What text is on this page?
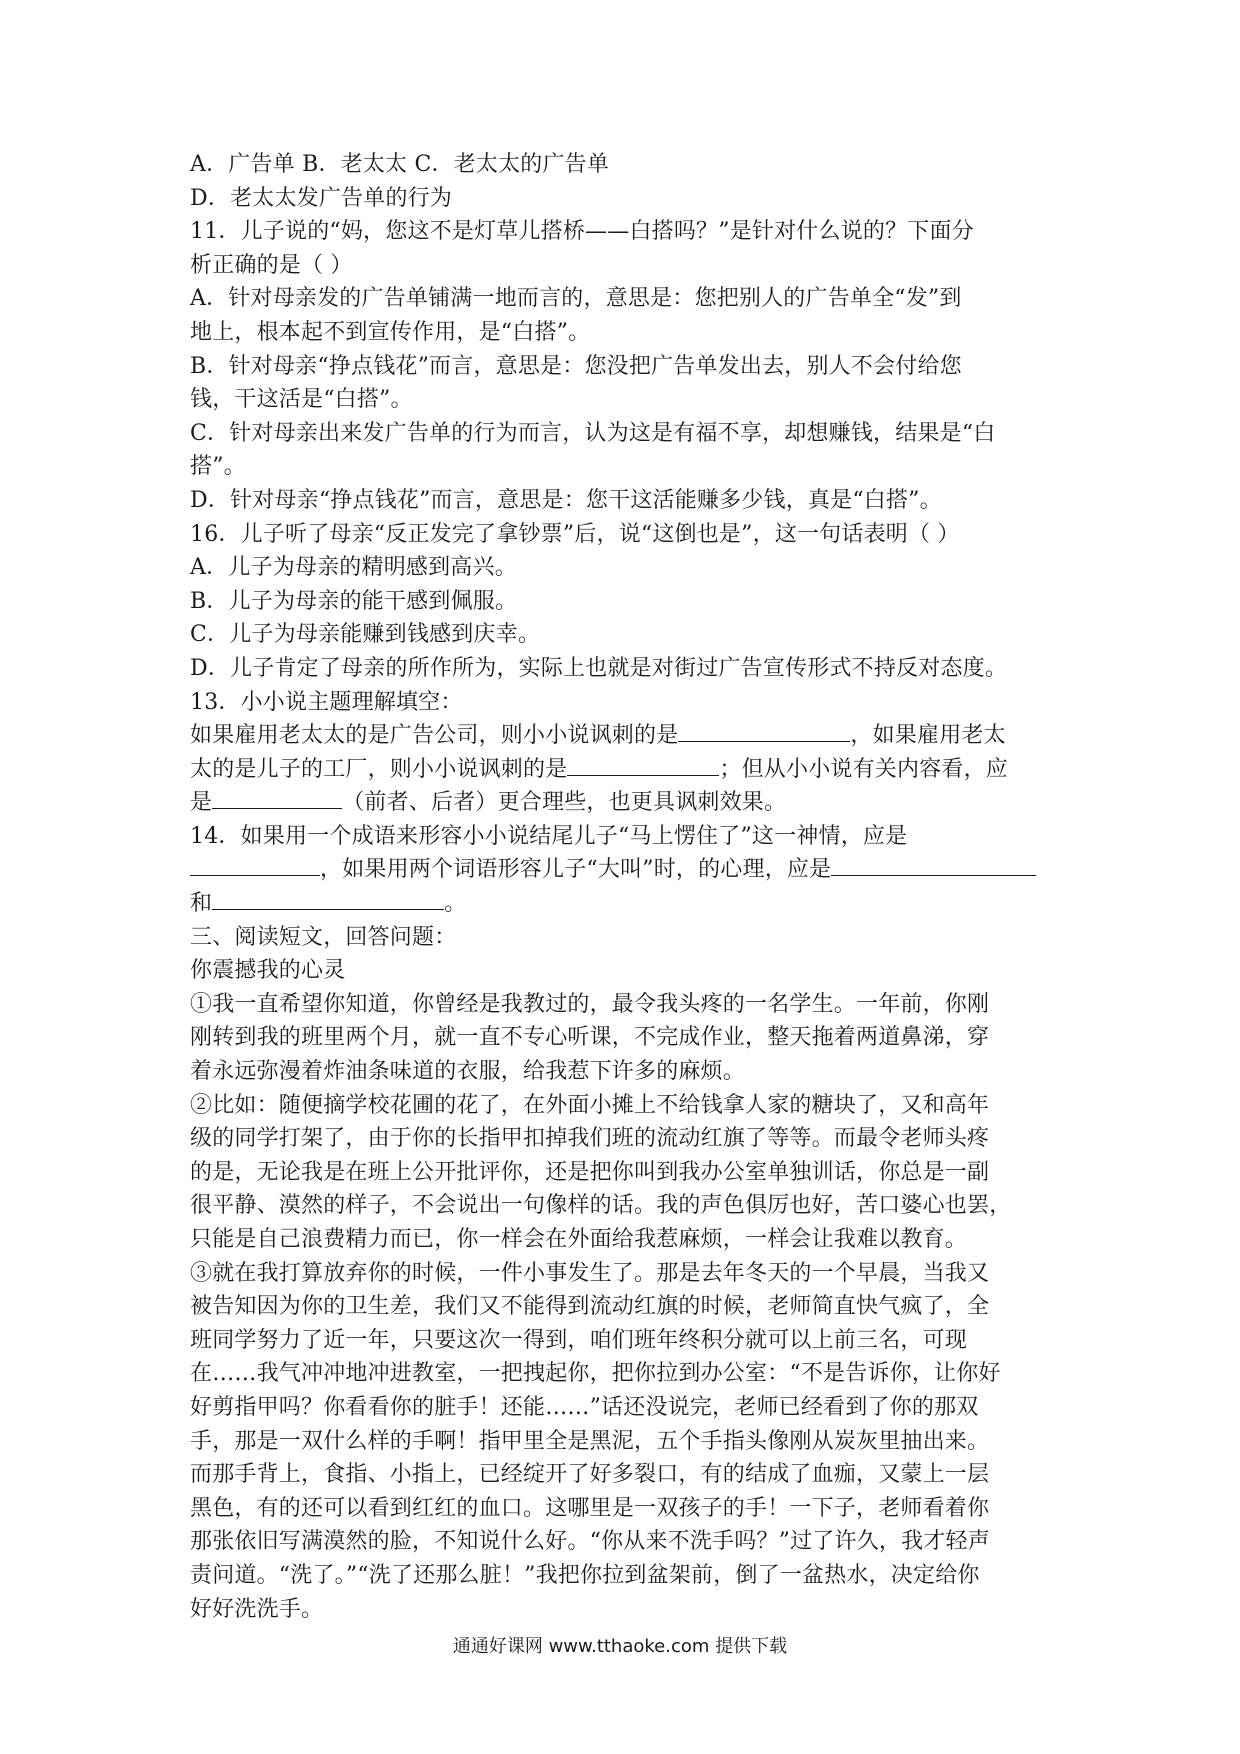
A．广告单 B．老太太 C．老太太的广告单
D．老太太发广告单的行为
11．儿子说的“妈，您这不是灯草儿搭桥——白搭吗？”是针对什么说的？下面分
析正确的是（ ）
A．针对母亲发的广告单铺满一地而言的，意思是：您把别人的广告单全“发”到
地上，根本起不到宣传作用，是“白搭”。
B．针对母亲“挣点钱花”而言，意思是：您没把广告单发出去，别人不会付给您
钱，干这活是“白搭”。
C．针对母亲出来发广告单的行为而言，认为这是有福不享，却想赚钱，结果是“白
搭”。
D．针对母亲“挣点钱花”而言，意思是：您干这活能赚多少钱，真是“白搭”。
16．儿子听了母亲“反正发完了拿钞票”后，说“这倒也是”，这一句话表明（ ）
A．儿子为母亲的精明感到高兴。
B．儿子为母亲的能干感到佩服。
C．儿子为母亲能赚到钱感到庆幸。
D．儿子肯定了母亲的所作所为，实际上也就是对街过广告宣传形式不持反对态度。
13．小小说主题理解填空：
如果雇用老太太的是广告公司，则小小说讽刺的是	，如果雇用老太
太的是儿子的工厂，则小小说讽刺的是	；但从小小说有关内容看，应
是	（前者、后者）更合理些，也更具讽刺效果。
14．如果用一个成语来形容小小说结尾儿子“马上愣住了”这一神情，应是
，如果用两个词语形容儿子“大叫”时，的心理，应是
和	。
三、阅读短文，回答问题：
你震撼我的心灵
①我一直希望你知道，你曾经是我教过的，最令我头疼的一名学生。一年前，你刚
刚转到我的班里两个月，就一直不专心听课，不完成作业，整天拖着两道鼻涕，穿
着永远弥漫着炸油条味道的衣服，给我惹下许多的麻烦。
②比如：随便摘学校花圃的花了，在外面小摊上不给钱拿人家的糖块了，又和高年
级的同学打架了，由于你的长指甲扣掉我们班的流动红旗了等等。而最令老师头疼
的是，无论我是在班上公开批评你，还是把你叫到我办公室单独训话，你总是一副
很平静、漠然的样子，不会说出一句像样的话。我的声色俱厉也好，苦口婆心也罢，
只能是自己浪费精力而已，你一样会在外面给我惹麻烦，一样会让我难以教育。
③就在我打算放弃你的时候，一件小事发生了。那是去年冬天的一个早晨，当我又
被告知因为你的卫生差，我们又不能得到流动红旗的时候，老师简直快气疯了，全
班同学努力了近一年，只要这次一得到，咱们班年终积分就可以上前三名，可现
在……我气冲冲地冲进教室，一把拽起你，把你拉到办公室：“不是告诉你，让你好
好剪指甲吗？你看看你的脏手！还能……”话还没说完，老师已经看到了你的那双
手，那是一双什么样的手啊！指甲里全是黑泥，五个手指头像刚从炭灰里抽出来。
而那手背上，食指、小指上，已经绽开了好多裂口，有的结成了血痂，又蒙上一层
黑色，有的还可以看到红红的血口。这哪里是一双孩子的手！一下子，老师看着你
那张依旧写满漠然的脸，不知说什么好。“你从来不洗手吗？”过了许久，我才轻声
责问道。“洗了。”“洗了还那么脏！”我把你拉到盆架前，倒了一盆热水，决定给你
好好洗洗手。
通通好课网 www.tthaoke.com 提供下载
